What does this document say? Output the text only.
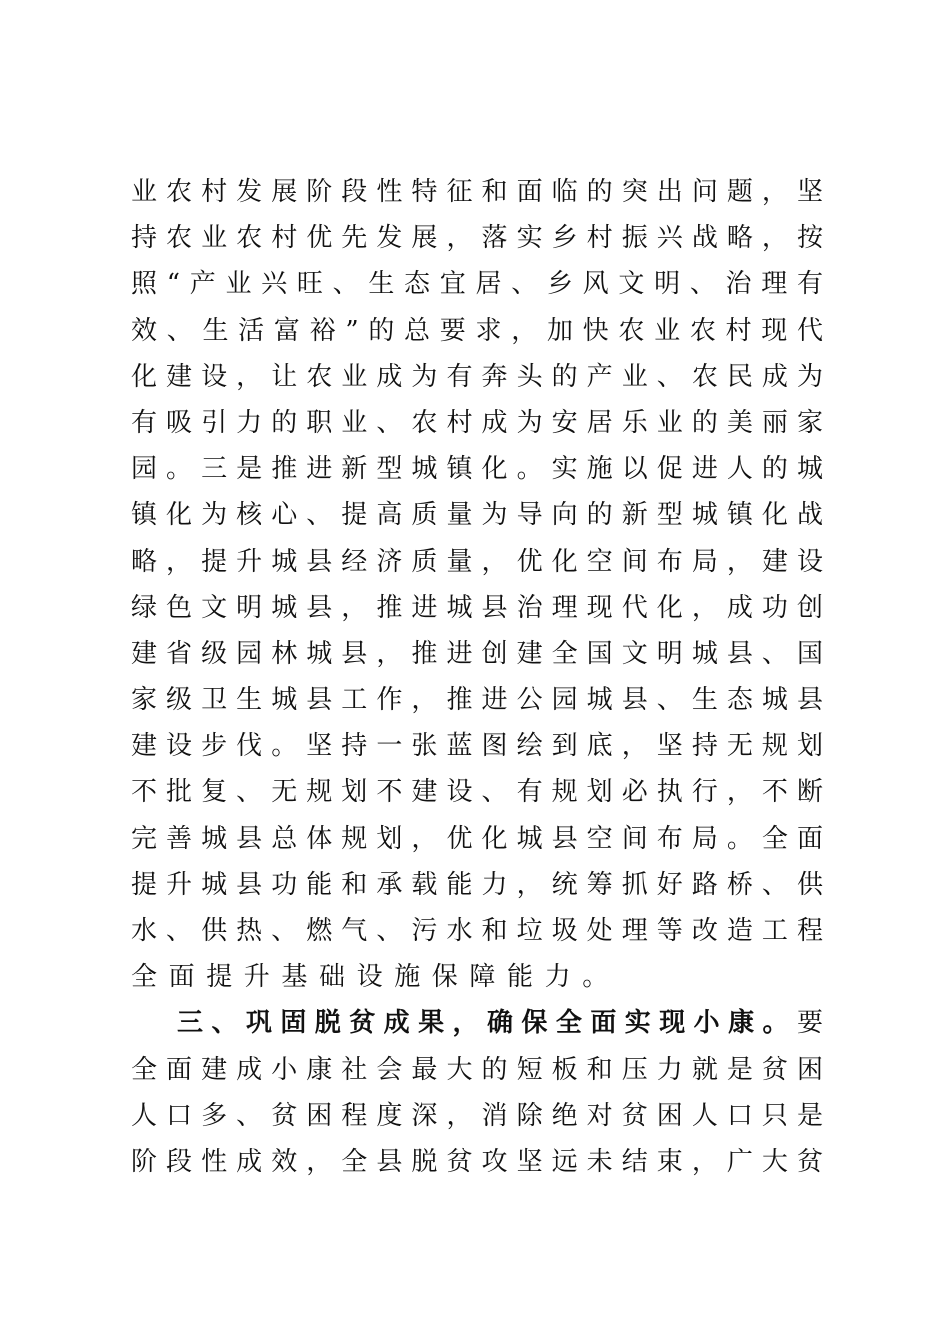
业农村发展阶段性特征和面临的突出问题，坚
持农业农村优先发展，落实乡村振兴战略，按
照“产业兴旺、生态宜居、乡风文明、治理有
效、生活富裕”的总要求，加快农业农村现代
化建设，让农业成为有奔头的产业、农民成为
有吸引力的职业、农村成为安居乐业的美丽家
园。三是推进新型城镇化。实施以促进人的城
镇化为核心、提高质量为导向的新型城镇化战
略，提升城县经济质量，优化空间布局，建设
绿色文明城县，推进城县治理现代化，成功创
建省级园林城县，推进创建全国文明城县、国
家级卫生城县工作，推进公园城县、生态城县
建设步伐。坚持一张蓝图绘到底，坚持无规划
不批复、无规划不建设、有规划必执行，不断
完善城县总体规划，优化城县空间布局。全面
提升城县功能和承载能力，统筹抓好路桥、供
水、供热、燃气、污水和垃圾处理等改造工程
全面提升基础设施保障能力。
三、巩固脱贫成果，确保全面实现小康。要
全面建成小康社会最大的短板和压力就是贫困
人口多、贫困程度深，消除绝对贫困人口只是
阶段性成效，全县脱贫攻坚远未结束，广大贫
